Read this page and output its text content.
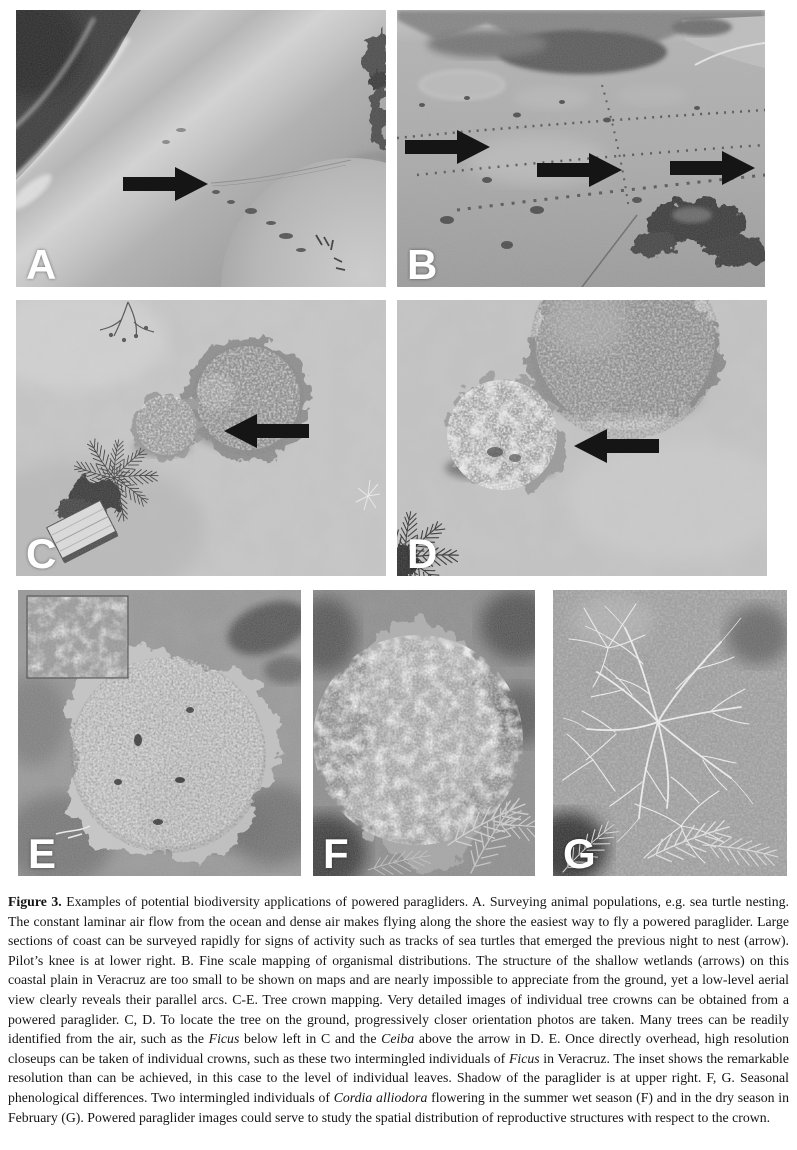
A	B
C	D
E	F	G

Figure 3. Examples of potential biodiversity applications of powered paragliders. A. Surveying animal populations, e.g. sea turtle nesting. The constant laminar air flow from the ocean and dense air makes flying along the shore the easiest way to fly a powered paraglider. Large sections of coast can be surveyed rapidly for signs of activity such as tracks of sea turtles that emerged the previous night to nest (arrow). Pilot’s knee is at lower right. B. Fine scale mapping of organismal distributions. The structure of the shallow wetlands (arrows) on this coastal plain in Veracruz are too small to be shown on maps and are nearly impossible to appreciate from the ground, yet a low-level aerial view clearly reveals their parallel arcs. C-E. Tree crown mapping. Very detailed images of individual tree crowns can be obtained from a powered paraglider. C, D. To locate the tree on the ground, progressively closer orientation photos are taken. Many trees can be readily identified from the air, such as the Ficus below left in C and the Ceiba above the arrow in D. E. Once directly overhead, high resolution closeups can be taken of individual crowns, such as these two intermingled individuals of Ficus in Veracruz. The inset shows the remarkable resolution than can be achieved, in this case to the level of individual leaves. Shadow of the paraglider is at upper right. F, G. Seasonal phenological differences. Two intermingled individuals of Cordia alliodora flowering in the summer wet season (F) and in the dry season in February (G). Powered paraglider images could serve to study the spatial distribution of reproductive structures with respect to the crown.
